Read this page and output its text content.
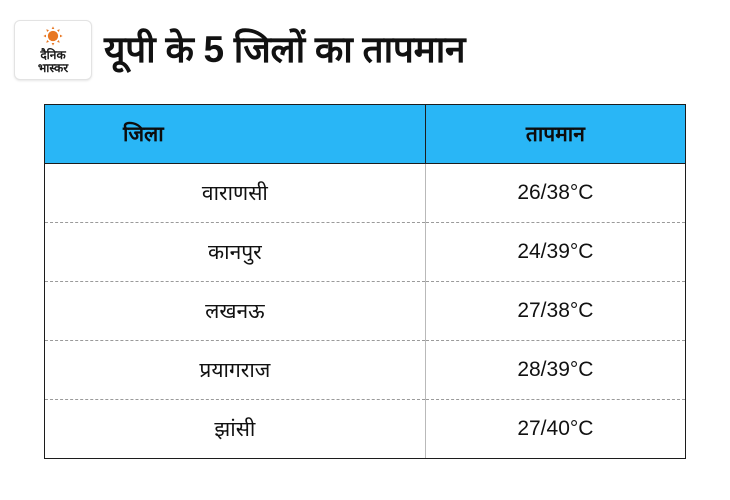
दैनिक
भास्कर यूपी के 5 जिलों का तापमान
जिला	तापमान
वाराणसी	26/38°C
कानपुर	24/39°C
लखनऊ	27/38°C
प्रयागराज	28/39°C
झांसी	27/40°C
